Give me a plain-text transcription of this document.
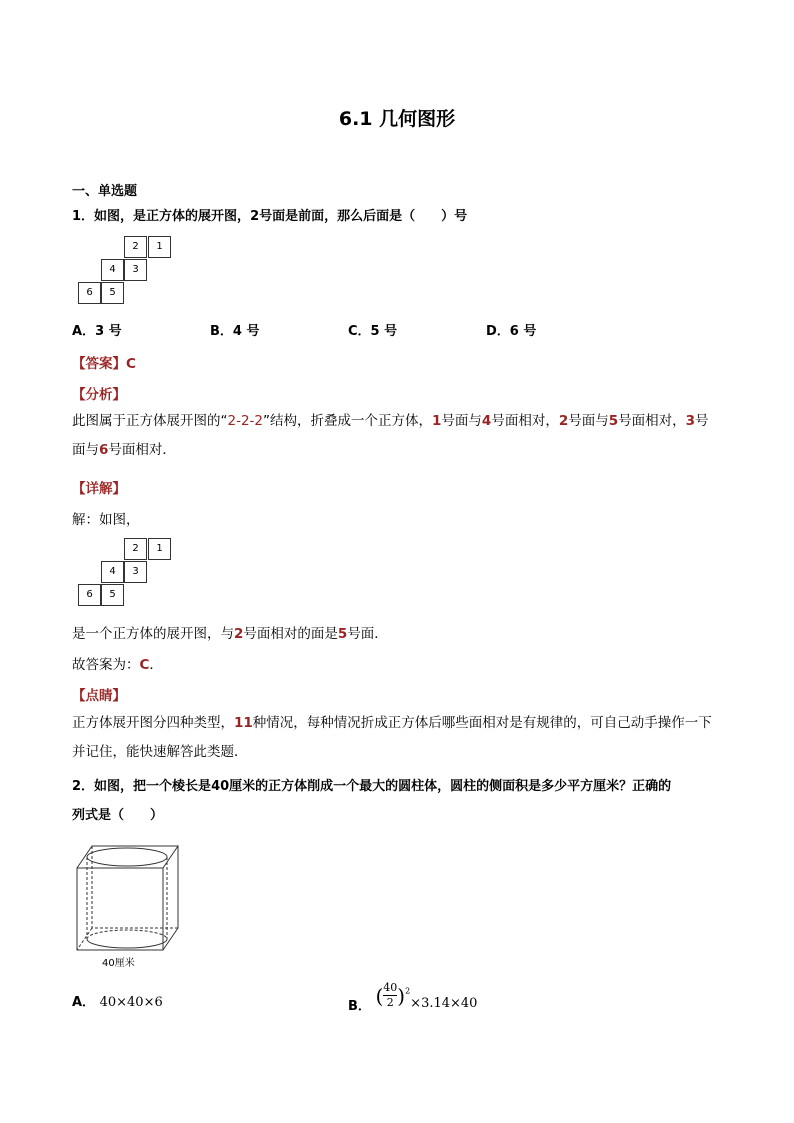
6.1 几何图形
一、单选题
1．如图，是正方体的展开图，2号面是前面，那么后面是（　　）号
2	1
4	3
6	5
A．3 号	B．4 号	C．5 号	D．6 号
【答案】C
【分析】
此图属于正方体展开图的“2-2-2”结构，折叠成一个正方体，1号面与4号面相对，2号面与5号面相对，3号面与6号面相对．
【详解】
解：如图，
2	1
4	3
6	5
是一个正方体的展开图，与2号面相对的面是5号面．
故答案为：C．
【点睛】
正方体展开图分四种类型，11种情况，每种情况折成正方体后哪些面相对是有规律的，可自己动手操作一下并记住，能快速解答此类题．
2．如图，把一个棱长是40厘米的正方体削成一个最大的圆柱体，圆柱的侧面积是多少平方厘米？正确的
列式是（　　）
40厘米
A． 40×40×6	B． ( $\frac{40}{2} )^2\times 3.14\times 40$
